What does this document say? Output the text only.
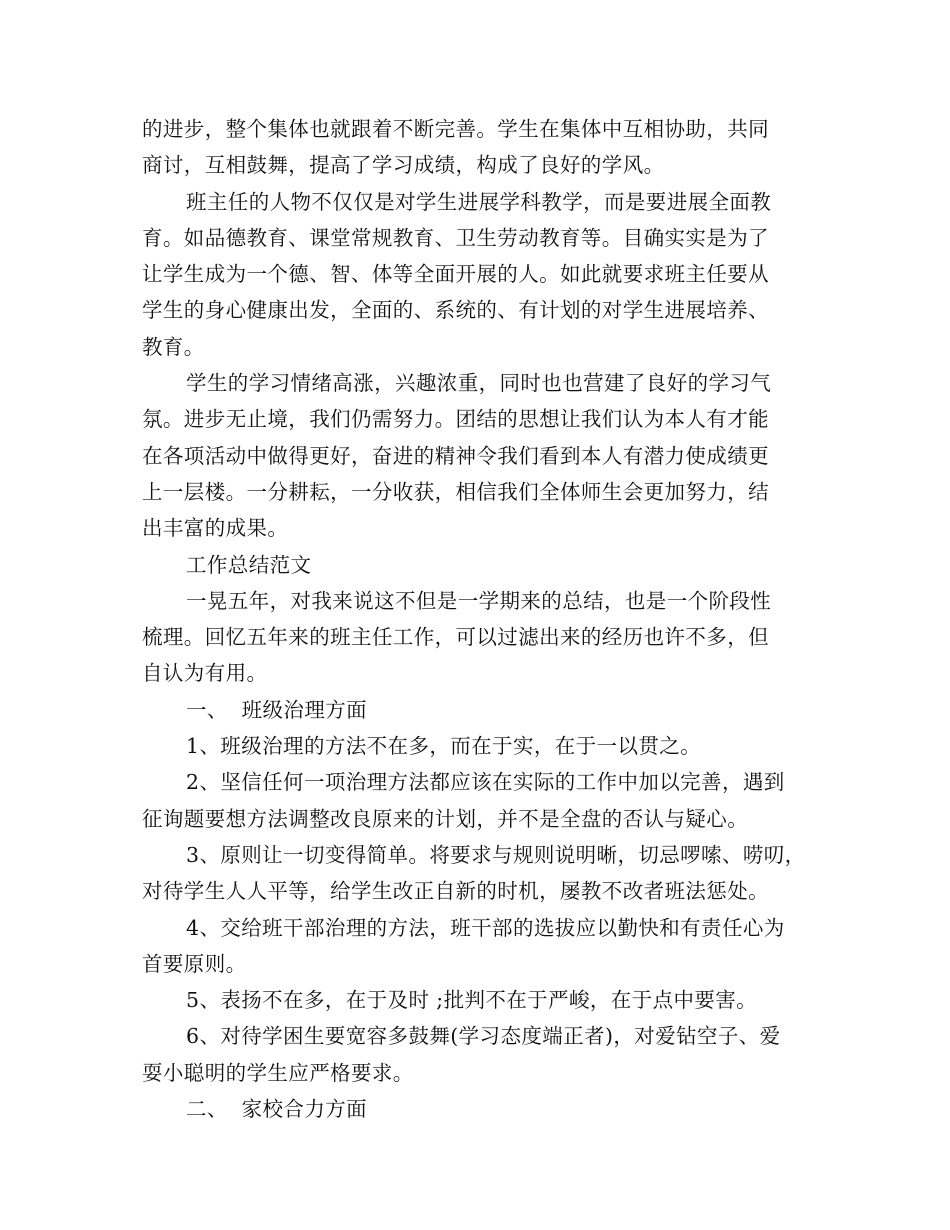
的进步，整个集体也就跟着不断完善。学生在集体中互相协助，共同
商讨，互相鼓舞，提高了学习成绩，构成了良好的学风。
班主任的人物不仅仅是对学生进展学科教学，而是要进展全面教
育。如品德教育、课堂常规教育、卫生劳动教育等。目确实实是为了
让学生成为一个德、智、体等全面开展的人。如此就要求班主任要从
学生的身心健康出发，全面的、系统的、有计划的对学生进展培养、
教育。
学生的学习情绪高涨，兴趣浓重，同时也也营建了良好的学习气
氛。进步无止境，我们仍需努力。团结的思想让我们认为本人有才能
在各项活动中做得更好，奋进的精神令我们看到本人有潜力使成绩更
上一层楼。一分耕耘，一分收获，相信我们全体师生会更加努力，结
出丰富的成果。
工作总结范文
一晃五年，对我来说这不但是一学期来的总结，也是一个阶段性
梳理。回忆五年来的班主任工作，可以过滤出来的经历也许不多，但
自认为有用。
一、  班级治理方面
1、班级治理的方法不在多，而在于实，在于一以贯之。
2、坚信任何一项治理方法都应该在实际的工作中加以完善，遇到
征询题要想方法调整改良原来的计划，并不是全盘的否认与疑心。
3、原则让一切变得简单。将要求与规则说明晰，切忌啰嗦、唠叨，
对待学生人人平等，给学生改正自新的时机，屡教不改者班法惩处。
4、交给班干部治理的方法，班干部的选拔应以勤快和有责任心为
首要原则。
5、表扬不在多，在于及时 ;批判不在于严峻，在于点中要害。
6、对待学困生要宽容多鼓舞(学习态度端正者)，对爱钻空子、爱
耍小聪明的学生应严格要求。
二、  家校合力方面
